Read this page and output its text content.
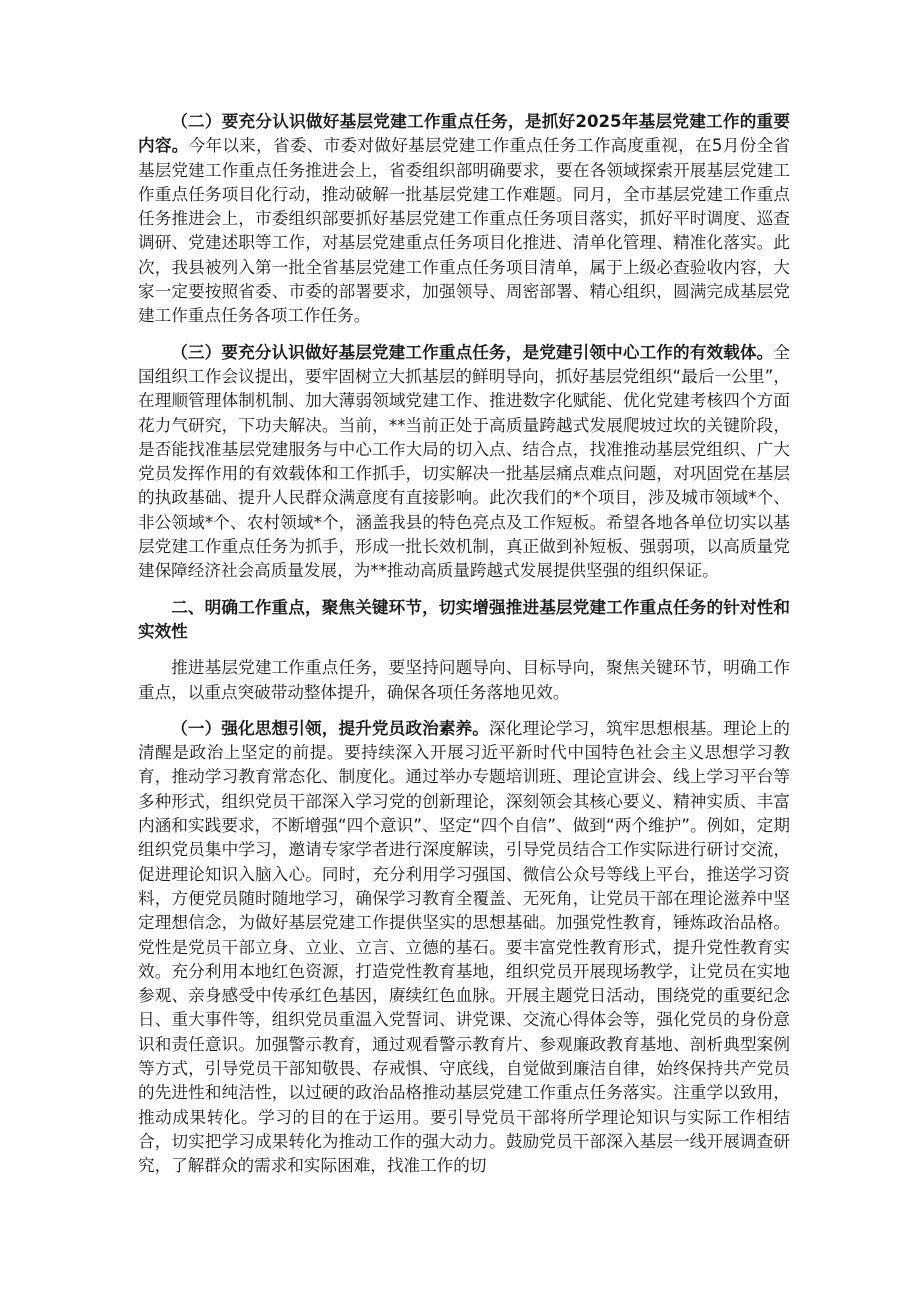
（二）要充分认识做好基层党建工作重点任务，是抓好2025年基层党建工作的重要内容。今年以来，省委、市委对做好基层党建工作重点任务工作高度重视，在5月份全省基层党建工作重点任务推进会上，省委组织部明确要求，要在各领域探索开展基层党建工作重点任务项目化行动，推动破解一批基层党建工作难题。同月，全市基层党建工作重点任务推进会上，市委组织部要抓好基层党建工作重点任务项目落实，抓好平时调度、巡查调研、党建述职等工作，对基层党建重点任务项目化推进、清单化管理、精准化落实。此次，我县被列入第一批全省基层党建工作重点任务项目清单，属于上级必查验收内容，大家一定要按照省委、市委的部署要求，加强领导、周密部署、精心组织，圆满完成基层党建工作重点任务各项工作任务。

（三）要充分认识做好基层党建工作重点任务，是党建引领中心工作的有效载体。全国组织工作会议提出，要牢固树立大抓基层的鲜明导向，抓好基层党组织“最后一公里”，在理顺管理体制机制、加大薄弱领域党建工作、推进数字化赋能、优化党建考核四个方面花力气研究，下功夫解决。当前，**当前正处于高质量跨越式发展爬坡过坎的关键阶段，是否能找准基层党建服务与中心工作大局的切入点、结合点，找准推动基层党组织、广大党员发挥作用的有效载体和工作抓手，切实解决一批基层痛点难点问题，对巩固党在基层的执政基础、提升人民群众满意度有直接影响。此次我们的*个项目，涉及城市领域*个、非公领域*个、农村领域*个，涵盖我县的特色亮点及工作短板。希望各地各单位切实以基层党建工作重点任务为抓手，形成一批长效机制，真正做到补短板、强弱项，以高质量党建保障经济社会高质量发展，为**推动高质量跨越式发展提供坚强的组织保证。

二、明确工作重点，聚焦关键环节，切实增强推进基层党建工作重点任务的针对性和实效性

推进基层党建工作重点任务，要坚持问题导向、目标导向，聚焦关键环节，明确工作重点，以重点突破带动整体提升，确保各项任务落地见效。

（一）强化思想引领，提升党员政治素养。深化理论学习，筑牢思想根基。理论上的清醒是政治上坚定的前提。要持续深入开展习近平新时代中国特色社会主义思想学习教育，推动学习教育常态化、制度化。通过举办专题培训班、理论宣讲会、线上学习平台等多种形式，组织党员干部深入学习党的创新理论，深刻领会其核心要义、精神实质、丰富内涵和实践要求，不断增强“四个意识”、坚定“四个自信”、做到“两个维护”。例如，定期组织党员集中学习，邀请专家学者进行深度解读，引导党员结合工作实际进行研讨交流，促进理论知识入脑入心。同时，充分利用学习强国、微信公众号等线上平台，推送学习资料，方便党员随时随地学习，确保学习教育全覆盖、无死角，让党员干部在理论滋养中坚定理想信念，为做好基层党建工作提供坚实的思想基础。加强党性教育，锤炼政治品格。党性是党员干部立身、立业、立言、立德的基石。要丰富党性教育形式，提升党性教育实效。充分利用本地红色资源，打造党性教育基地，组织党员开展现场教学，让党员在实地参观、亲身感受中传承红色基因，赓续红色血脉。开展主题党日活动，围绕党的重要纪念日、重大事件等，组织党员重温入党誓词、讲党课、交流心得体会等，强化党员的身份意识和责任意识。加强警示教育，通过观看警示教育片、参观廉政教育基地、剖析典型案例等方式，引导党员干部知敬畏、存戒惧、守底线，自觉做到廉洁自律，始终保持共产党员的先进性和纯洁性，以过硬的政治品格推动基层党建工作重点任务落实。注重学以致用，推动成果转化。学习的目的在于运用。要引导党员干部将所学理论知识与实际工作相结合，切实把学习成果转化为推动工作的强大动力。鼓励党员干部深入基层一线开展调查研究，了解群众的需求和实际困难，找准工作的切
